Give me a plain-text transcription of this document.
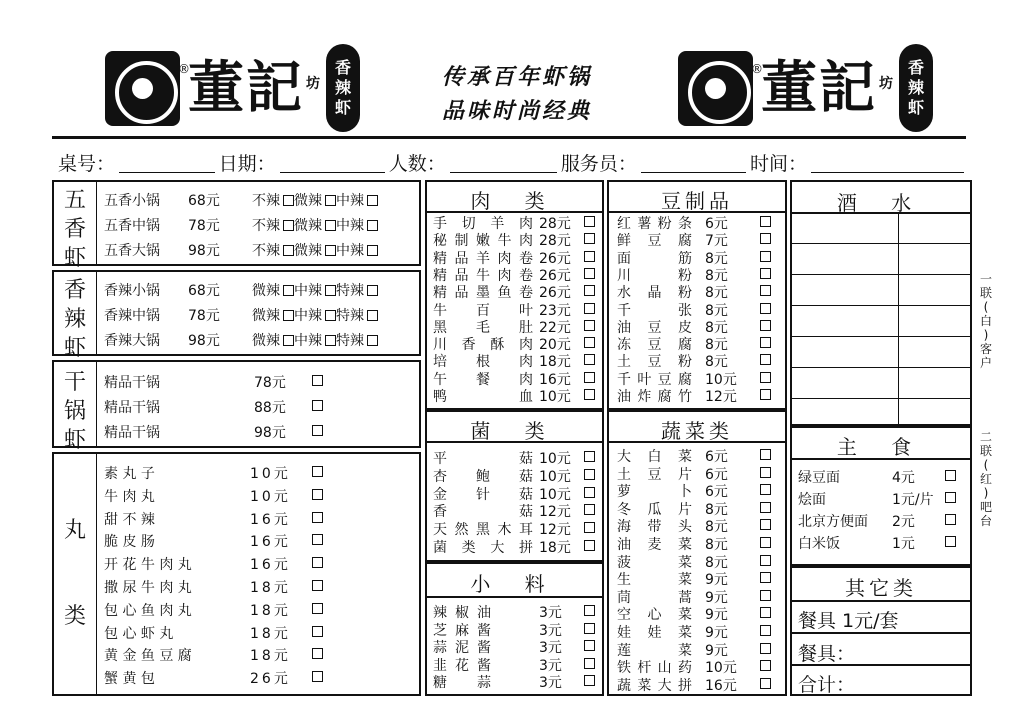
®
董記 坊
香
辣
虾
传承百年虾锅
品味时尚经典
®
董記 坊
香
辣
虾
桌号：	日期：	人数：	服务员：	时间：
五
香
虾
五香小锅 68元 不辣 微辣 中辣
五香中锅 78元 不辣 微辣 中辣
五香大锅 98元 不辣 微辣 中辣
香
辣
虾
香辣小锅 68元 微辣 中辣 特辣
香辣中锅 78元 微辣 中辣 特辣
香辣大锅 98元 微辣 中辣 特辣
干
锅
虾
精品干锅	78元
精品干锅	88元
精品干锅	98元
丸
类
素 丸 子	10元
牛 肉 丸	10元
甜 不 辣	16元
脆 皮 肠	16元
开 花 牛 肉 丸	16元
撒 尿 牛 肉 丸	18元
包 心 鱼 肉 丸	18元
包 心 虾 丸	18元
黄 金 鱼 豆 腐	18元
蟹 黄 包	26元
肉 类
手切羊肉 28元
秘制嫩牛肉 28元
精品羊肉卷 26元
精品牛肉卷 26元
精品墨鱼卷 26元
牛百叶 23元
黑毛肚 22元
川香酥肉 20元
培根肉 18元
午餐肉 16元
鸭血 10元
菌 类
平菇 10元
杏鲍菇 10元
金针菇 10元
香菇 12元
天然黑木耳 12元
菌类大拼 18元
小 料
辣椒油	3元
芝麻酱	3元
蒜泥酱	3元
韭花酱	3元
糖蒜	3元
豆制品
红薯粉条 6元
鲜豆腐 7元
面筋 8元
川粉 8元
水晶粉 8元
千张 8元
油豆皮 8元
冻豆腐 8元
土豆粉 8元
千叶豆腐 10元
油炸腐竹 12元
蔬菜类
大白菜 6元
土豆片 6元
萝卜 6元
冬瓜片 8元
海带头 8元
油麦菜 8元
菠菜 8元
生菜 9元
茼蒿 9元
空心菜 9元
娃娃菜 9元
莲菜 9元
铁杆山药 10元
蔬菜大拼 16元
酒 水
主 食
绿豆面	4元
烩面	1元/片
北京方便面 2元
白米饭	1元
其它类
餐具 1元/套
餐具：
合计：
一
联
(
白
)
客
户
二
联
(
红
)
吧
台
